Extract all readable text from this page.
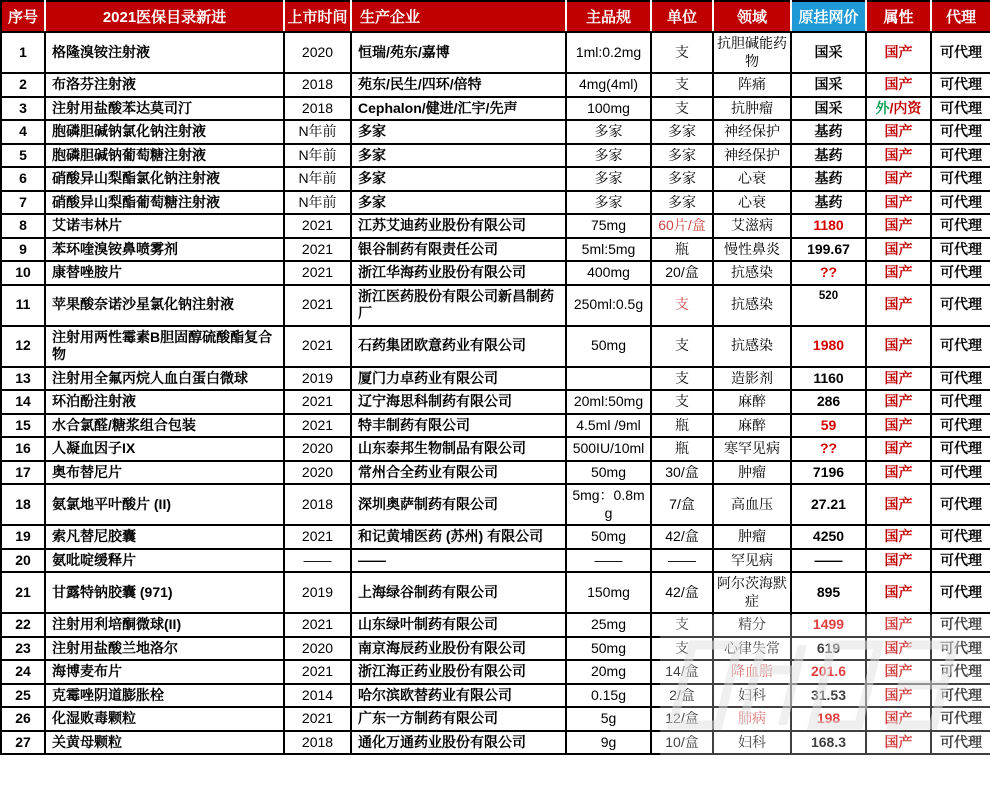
序号	2021医保目录新进	上市时间	生产企业	主品规	单位	领域	原挂网价	属性	代理
1	格隆溴铵注射液	2020	恒瑞/苑东/嘉博	1ml:0.2mg	支	抗胆碱能药物	国采	国产	可代理
2	布洛芬注射液	2018	苑东/民生/四环/倍特	4mg(4ml)	支	阵痛	国采	国产	可代理
3	注射用盐酸苯达莫司汀	2018	Cephalon/健进/汇宇/先声	100mg	支	抗肿瘤	国采	外/内资	可代理
4	胞磷胆碱钠氯化钠注射液	N年前	多家	多家	多家	神经保护	基药	国产	可代理
5	胞磷胆碱钠葡萄糖注射液	N年前	多家	多家	多家	神经保护	基药	国产	可代理
6	硝酸异山梨酯氯化钠注射液	N年前	多家	多家	多家	心衰	基药	国产	可代理
7	硝酸异山梨酯葡萄糖注射液	N年前	多家	多家	多家	心衰	基药	国产	可代理
8	艾诺韦林片	2021	江苏艾迪药业股份有限公司	75mg	60片/盒	艾滋病	1180	国产	可代理
9	苯环喹溴铵鼻喷雾剂	2021	银谷制药有限责任公司	5ml:5mg	瓶	慢性鼻炎	199.67	国产	可代理
10	康替唑胺片	2021	浙江华海药业股份有限公司	400mg	20/盒	抗感染	??	国产	可代理
11	苹果酸奈诺沙星氯化钠注射液	2021	浙江医药股份有限公司新昌制药厂	250ml:0.5g	支	抗感染	520	国产	可代理
12	注射用两性霉素B胆固醇硫酸酯复合物	2021	石药集团欧意药业有限公司	50mg	支	抗感染	1980	国产	可代理
13	注射用全氟丙烷人血白蛋白微球	2019	厦门力卓药业有限公司		支	造影剂	1160	国产	可代理
14	环泊酚注射液	2021	辽宁海思科制药有限公司	20ml:50mg	支	麻醉	286	国产	可代理
15	水合氯醛/糖浆组合包装	2021	特丰制药有限公司	4.5ml /9ml	瓶	麻醉	59	国产	可代理
16	人凝血因子IX	2020	山东泰邦生物制品有限公司	500IU/10ml	瓶	寒罕见病	??	国产	可代理
17	奥布替尼片	2020	常州合全药业有限公司	50mg	30/盒	肿瘤	7196	国产	可代理
18	氨氯地平叶酸片 (II)	2018	深圳奥萨制药有限公司	5mg：0.8mg	7/盒	高血压	27.21	国产	可代理
19	索凡替尼胶囊	2021	和记黄埔医药 (苏州) 有限公司	50mg	42/盒	肿瘤	4250	国产	可代理
20	氨吡啶缓释片	——	——	——	——	罕见病	——	国产	可代理
21	甘露特钠胶囊 (971)	2019	上海绿谷制药有限公司	150mg	42/盒	阿尔茨海默症	895	国产	可代理
22	注射用利培酮微球(II)	2021	山东绿叶制药有限公司	25mg	支	精分	1499	国产	可代理
23	注射用盐酸兰地洛尔	2020	南京海辰药业股份有限公司	50mg	支	心律失常	619	国产	可代理
24	海博麦布片	2021	浙江海正药业股份有限公司	20mg	14/盒	降血脂	201.6	国产	可代理
25	克霉唑阴道膨胀栓	2014	哈尔滨欧替药业有限公司	0.15g	2/盒	妇科	31.53	国产	可代理
26	化湿败毒颗粒	2021	广东一方制药有限公司	5g	12/盒	肺病	198	国产	可代理
27	关黄母颗粒	2018	通化万通药业股份有限公司	9g	10/盒	妇科	168.3	国产	可代理
